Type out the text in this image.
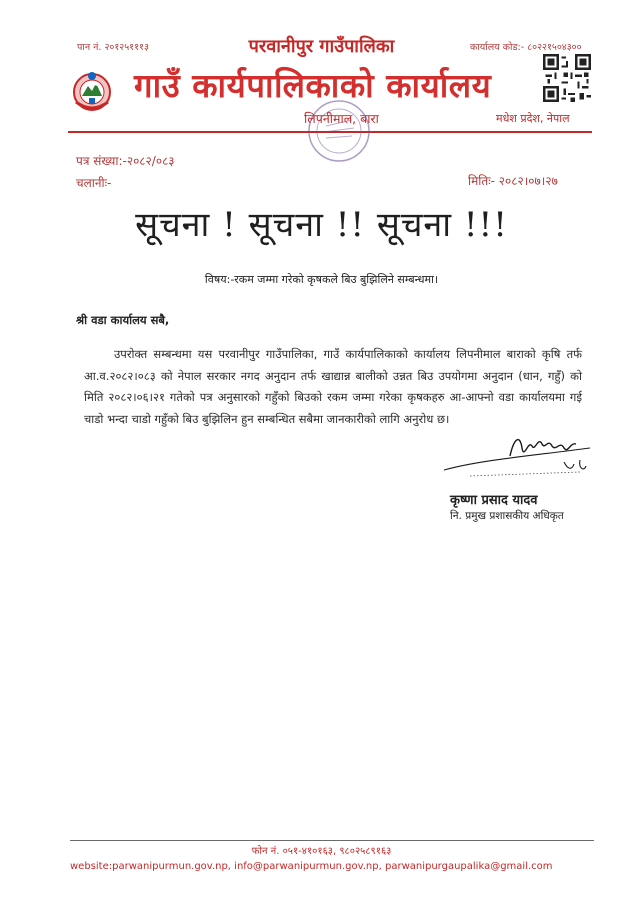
पान नं. २०१२५१११३	परवानीपुर गाउँपालिका	कार्यालय कोड:- ८०२२१५०४३००
गाउँ कार्यपालिकाको कार्यालय
लिपनीमाल, बारा	मधेश प्रदेश, नेपाल
पत्र संख्या:-२०८२/०८३
चलानीः-	मितिः- २०८२।०७।२७
सूचना ! सूचना !! सूचना !!!
विषय:-रकम जम्मा गरेको कृषकले बिउ बुझिलिने सम्बन्धमा।
श्री वडा कार्यालय सबै,
उपरोक्त सम्बन्धमा यस परवानीपुर गाउँपालिका, गाउँ कार्यपालिकाको कार्यालय लिपनीमाल बाराको कृषि तर्फ आ.व.२०८२।०८३ को नेपाल सरकार नगद अनुदान तर्फ खाद्यान्न बालीको उन्नत बिउ उपयोगमा अनुदान (धान, गहुँ) को मिति २०८२।०६।२१ गतेको पत्र अनुसारको गहुँको बिउको रकम जम्मा गरेका कृषकहरु आ-आफ्नो वडा कार्यालयमा गई चाडो भन्दा चाडो गहुँको बिउ बुझिलिन हुन सम्बन्धित सबैमा जानकारीको लागि अनुरोध छ।
कृष्णा प्रसाद यादव
नि. प्रमुख प्रशासकीय अधिकृत
फोन नं. ०५१-४१०१६३, ९८०२५८९१६३
website:parwanipurmun.gov.np, info@parwanipurmun.gov.np, parwanipurgaupalika@gmail.com
